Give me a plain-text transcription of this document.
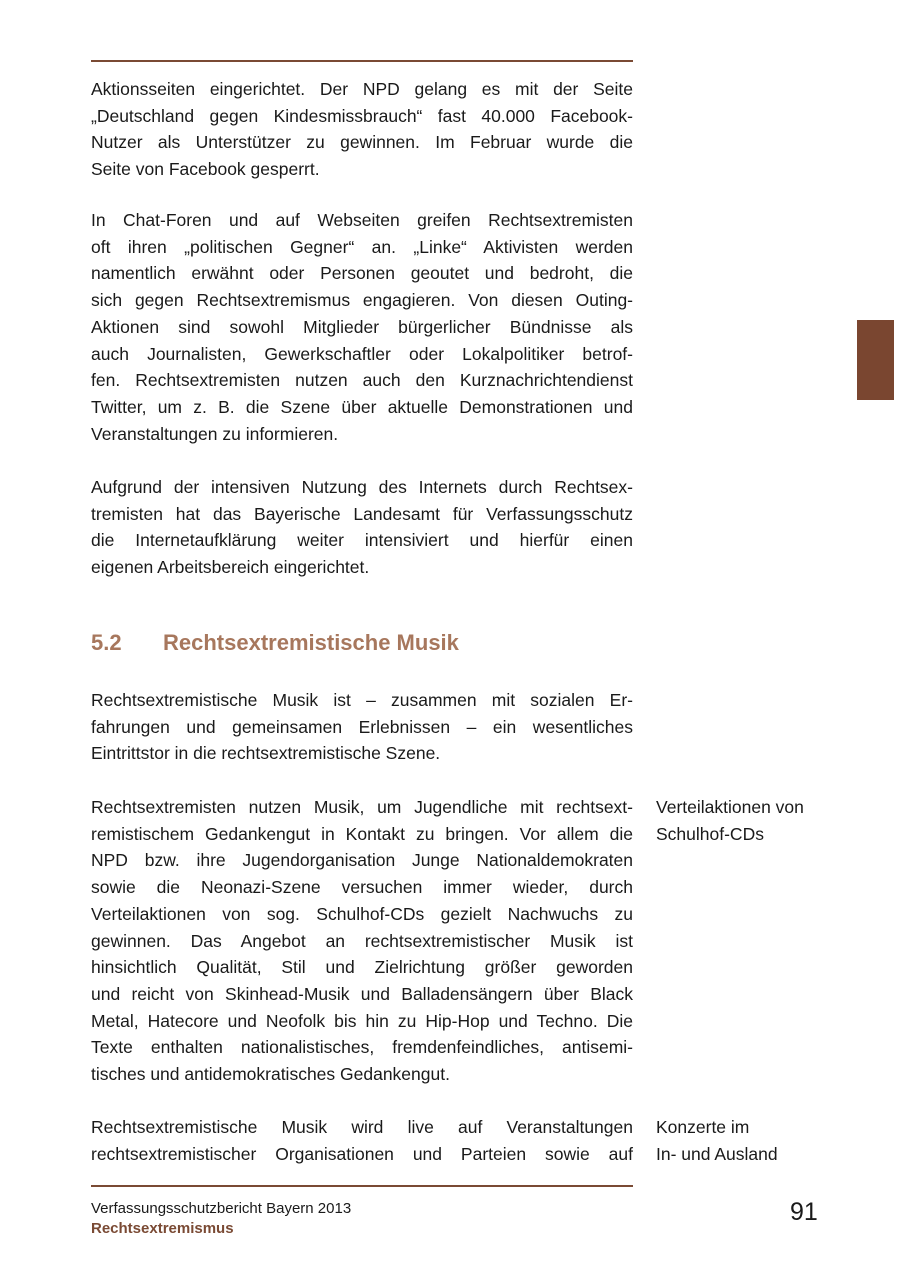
Aktionsseiten eingerichtet. Der NPD gelang es mit der Seite
„Deutschland gegen Kindesmissbrauch“ fast 40.000 Facebook-
Nutzer als Unterstützer zu gewinnen. Im Februar wurde die
Seite von Facebook gesperrt.
In Chat-Foren und auf Webseiten greifen Rechtsextremisten
oft ihren „politischen Gegner“ an. „Linke“ Aktivisten werden
namentlich erwähnt oder Personen geoutet und bedroht, die
sich gegen Rechtsextremismus engagieren. Von diesen Outing-
Aktionen sind sowohl Mitglieder bürgerlicher Bündnisse als
auch Journalisten, Gewerkschaftler oder Lokalpolitiker betrof-
fen. Rechtsextremisten nutzen auch den Kurznachrichtendienst
Twitter, um z. B. die Szene über aktuelle Demonstrationen und
Veranstaltungen zu informieren.
Aufgrund der intensiven Nutzung des Internets durch Rechtsex-
tremisten hat das Bayerische Landesamt für Verfassungsschutz
die Internetaufklärung weiter intensiviert und hierfür einen
eigenen Arbeitsbereich eingerichtet.
5.2 Rechtsextremistische Musik
Rechtsextremistische Musik ist – zusammen mit sozialen Er-
fahrungen und gemeinsamen Erlebnissen – ein wesentliches
Eintrittstor in die rechtsextremistische Szene.
Rechtsextremisten nutzen Musik, um Jugendliche mit rechtsext-
remistischem Gedankengut in Kontakt zu bringen. Vor allem die
NPD bzw. ihre Jugendorganisation Junge Nationaldemokraten
sowie die Neonazi-Szene versuchen immer wieder, durch
Verteilaktionen von sog. Schulhof-CDs gezielt Nachwuchs zu
gewinnen. Das Angebot an rechtsextremistischer Musik ist
hinsichtlich Qualität, Stil und Zielrichtung größer geworden
und reicht von Skinhead-Musik und Balladensängern über Black
Metal, Hatecore und Neofolk bis hin zu Hip-Hop und Techno. Die
Texte enthalten nationalistisches, fremdenfeindliches, antisemi-
tisches und antidemokratisches Gedankengut.
Rechtsextremistische Musik wird live auf Veranstaltungen
rechtsextremistischer Organisationen und Parteien sowie auf
Verteilaktionen von
Schulhof-CDs
Konzerte im
In- und Ausland
Verfassungsschutzbericht Bayern 2013
Rechtsextremismus
91
